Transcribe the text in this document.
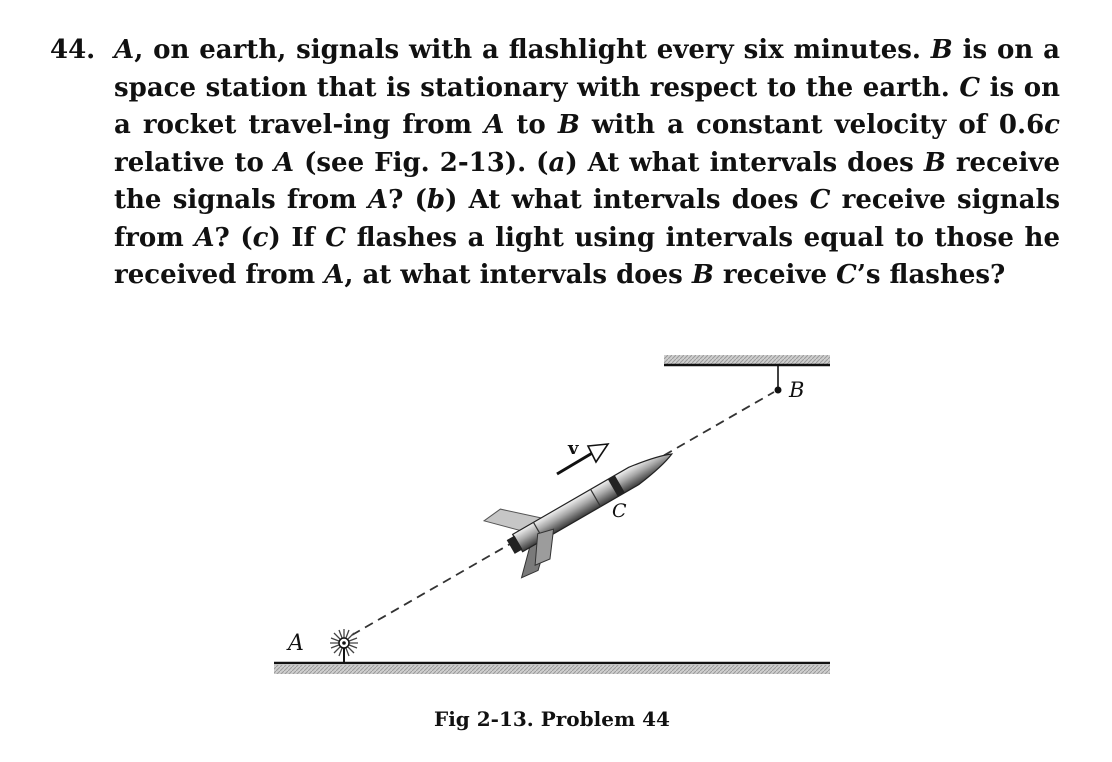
44. A, on earth, signals with a flashlight every six minutes. B is on a space station that is stationary with respect to the earth. C is on a rocket travel-ing from A to B with a constant velocity of 0.6c relative to A (see Fig. 2-13). (a) At what intervals does B receive the signals from A? (b) At what intervals does C receive signals from A? (c) If C flashes a light using intervals equal to those he received from A, at what intervals does B receive C’s flashes?
A
B
C
v
Fig 2-13. Problem 44
